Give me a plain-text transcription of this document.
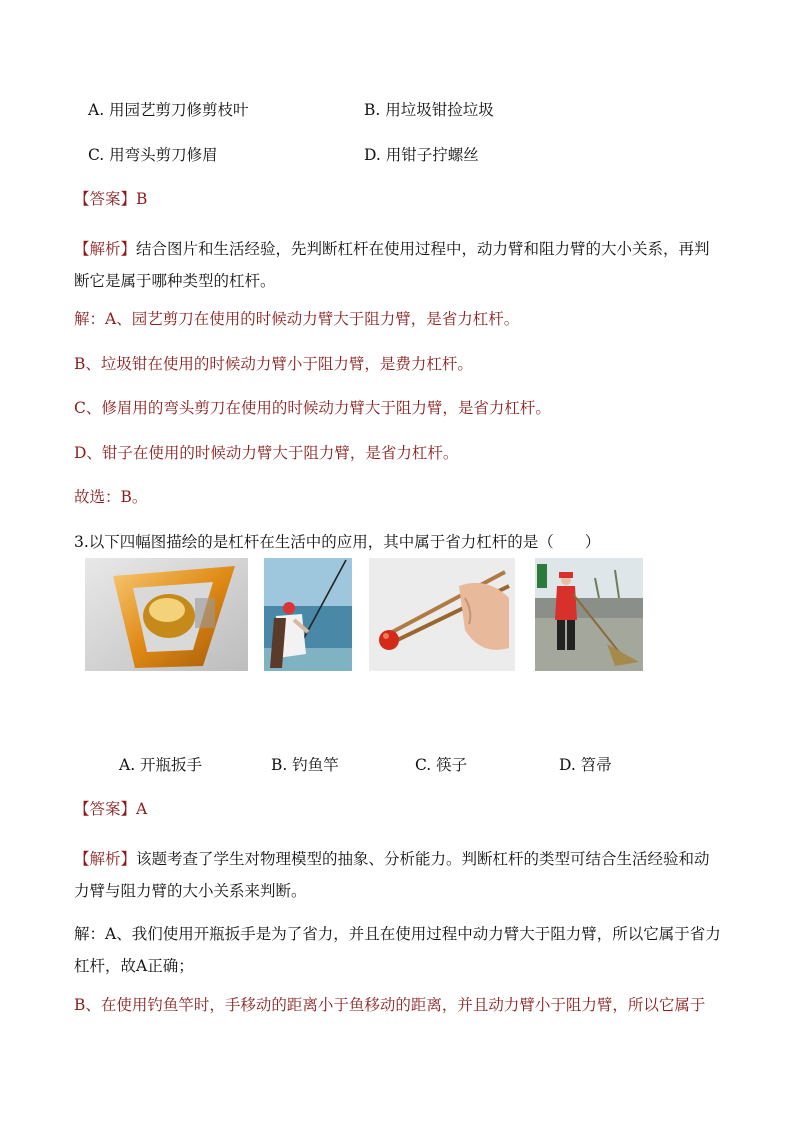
A. 用园艺剪刀修剪枝叶	B. 用垃圾钳捡垃圾
C. 用弯头剪刀修眉	D. 用钳子拧螺丝
【答案】B
【解析】结合图片和生活经验，先判断杠杆在使用过程中，动力臂和阻力臂的大小关系，再判断它是属于哪种类型的杠杆。
解：A、园艺剪刀在使用的时候动力臂大于阻力臂，是省力杠杆。
B、垃圾钳在使用的时候动力臂小于阻力臂，是费力杠杆。
C、修眉用的弯头剪刀在使用的时候动力臂大于阻力臂，是省力杠杆。
D、钳子在使用的时候动力臂大于阻力臂，是省力杠杆。
故选：B。
3.以下四幅图描绘的是杠杆在生活中的应用，其中属于省力杠杆的是（　　）
A. 开瓶扳手	B. 钓鱼竿	C. 筷子	D. 笤帚
【答案】A
【解析】该题考查了学生对物理模型的抽象、分析能力。判断杠杆的类型可结合生活经验和动力臂与阻力臂的大小关系来判断。
解：A、我们使用开瓶扳手是为了省力，并且在使用过程中动力臂大于阻力臂，所以它属于省力杠杆，故A正确；
B、在使用钓鱼竿时，手移动的距离小于鱼移动的距离，并且动力臂小于阻力臂，所以它属于
